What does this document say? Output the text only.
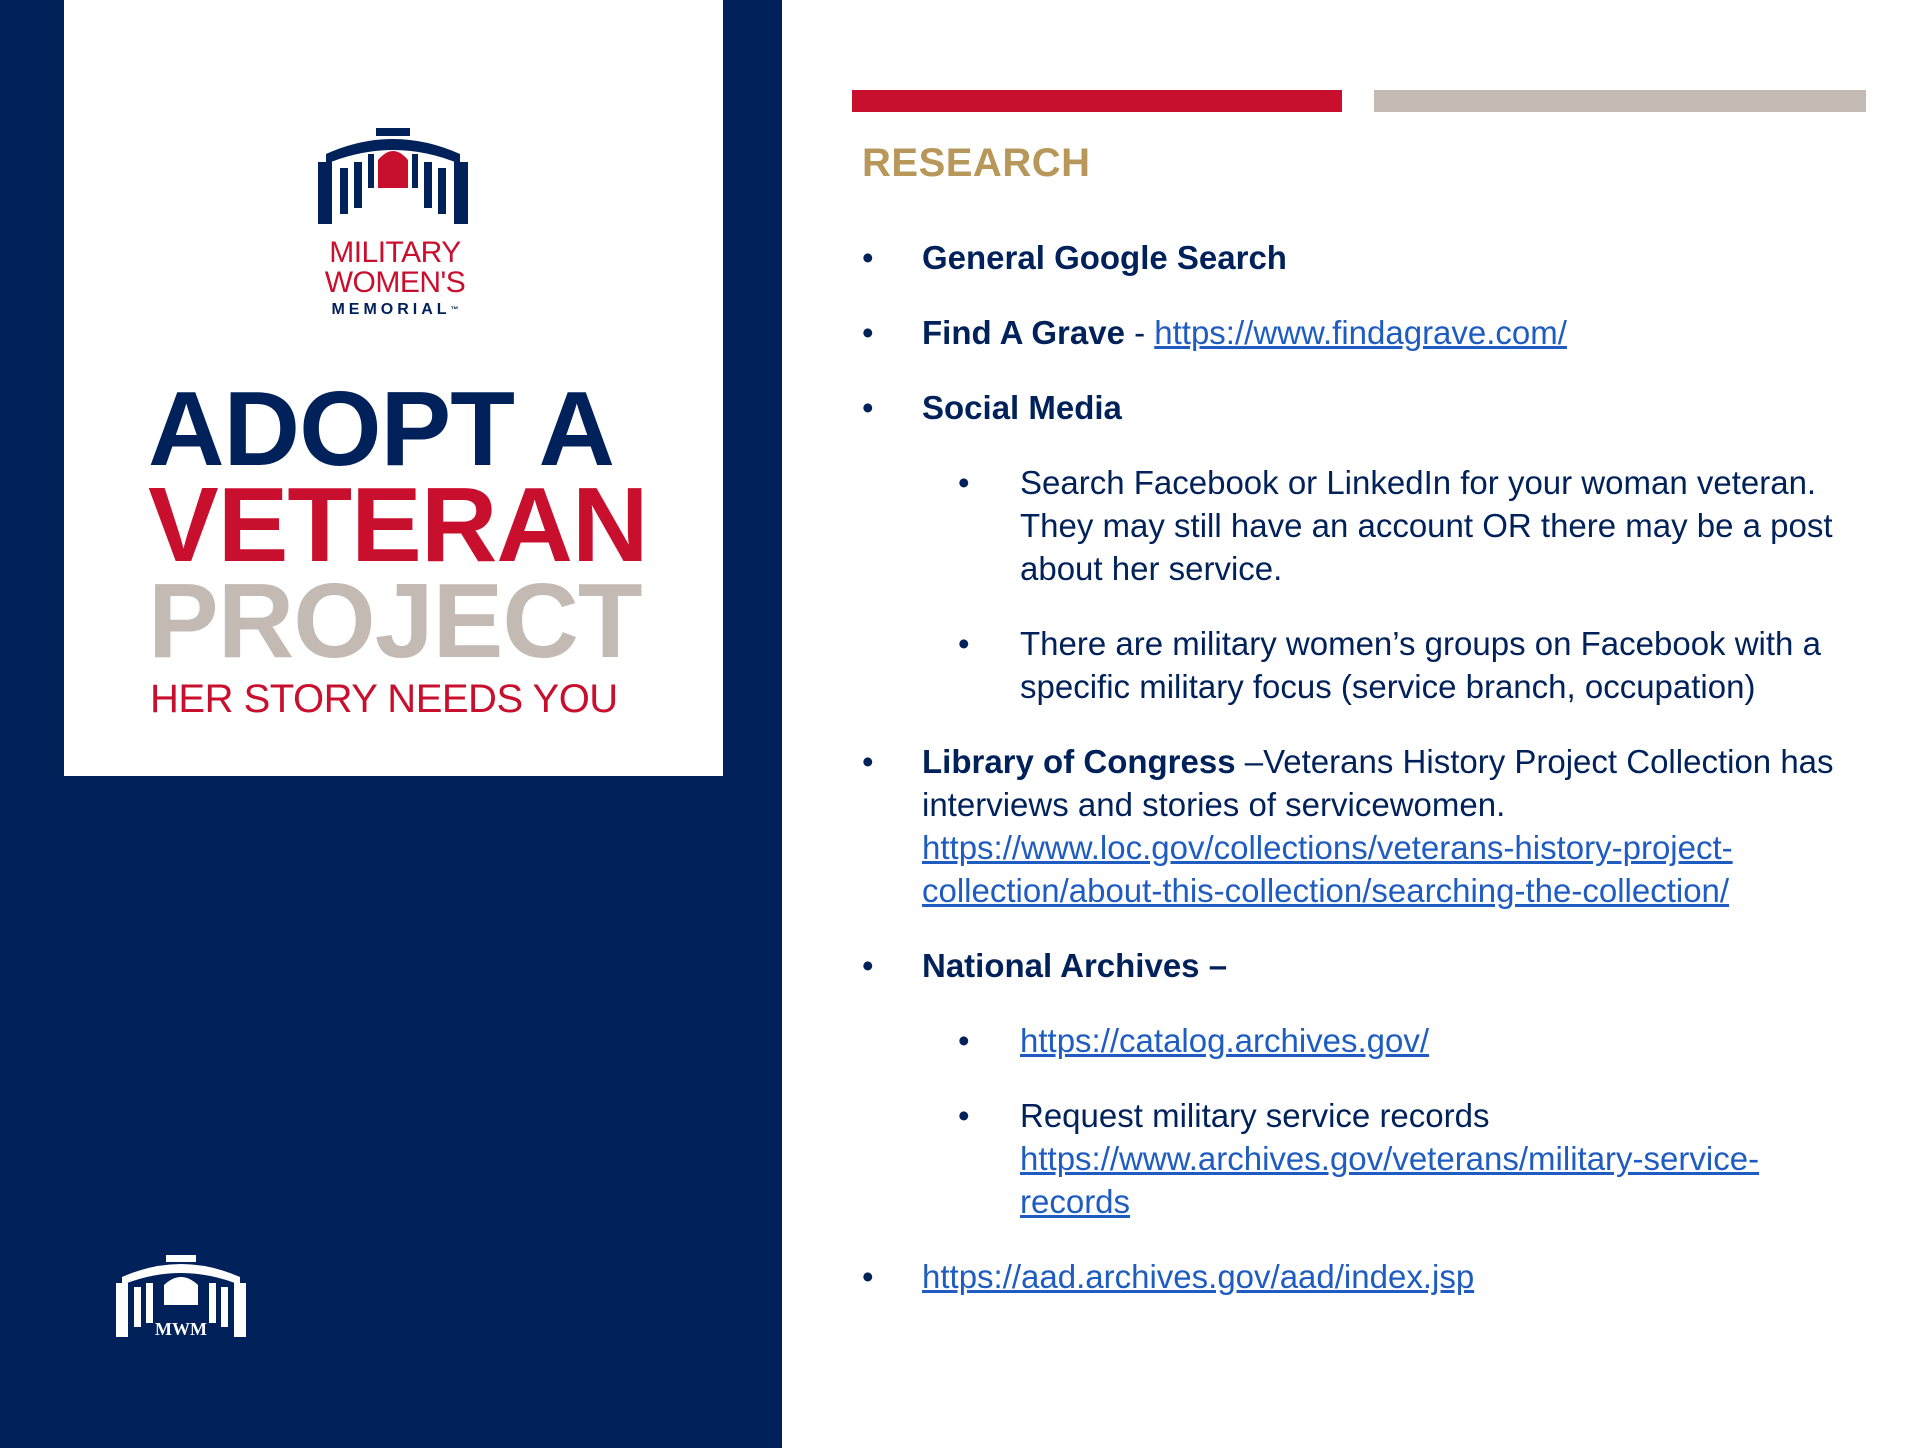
MILITARY
WOMEN'S
MEMORIAL™
ADOPT A
VETERAN
PROJECT
HER STORY NEEDS YOU
MWM
RESEARCH
• General Google Search
• Find A Grave - https://www.findagrave.com/
• Social Media
• Search Facebook or LinkedIn for your woman veteran. They may still have an account OR there may be a post about her service.
• There are military women’s groups on Facebook with a specific military focus (service branch, occupation)
• Library of Congress –Veterans History Project Collection has interviews and stories of servicewomen.
https://www.loc.gov/collections/veterans-history-project-
collection/about-this-collection/searching-the-collection/
• National Archives –
• https://catalog.archives.gov/
• Request military service records
https://www.archives.gov/veterans/military-service-
records
• https://aad.archives.gov/aad/index.jsp
